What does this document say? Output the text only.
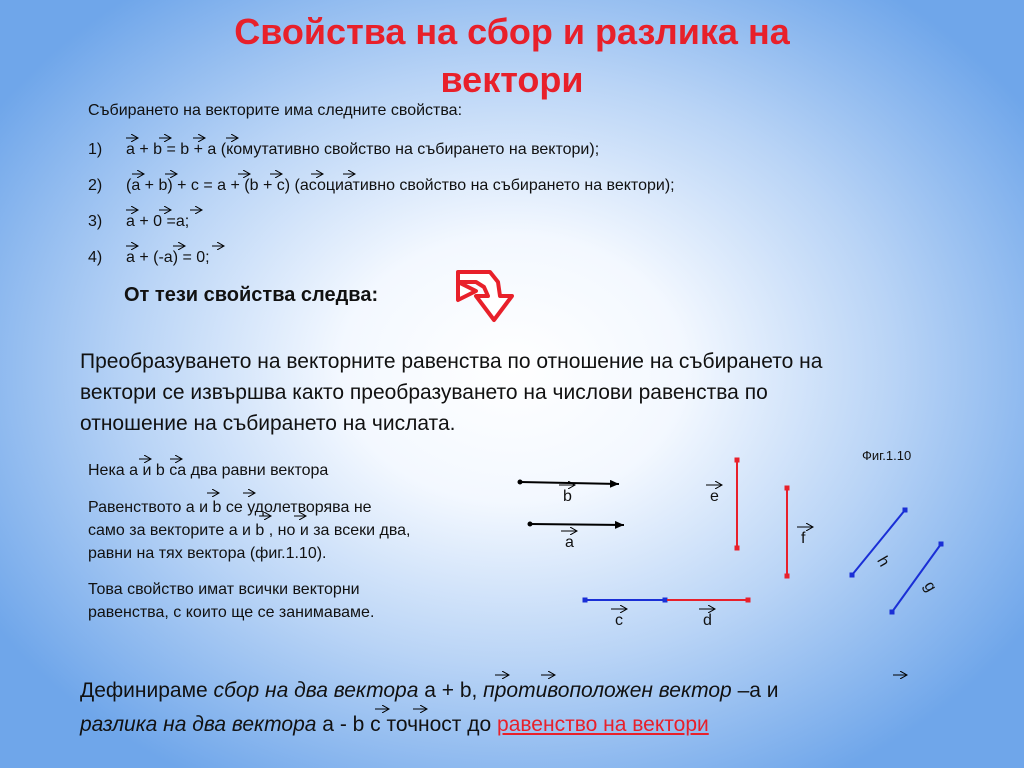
Свойства на сбор и разлика на
вектори
Събирането на векторите има следните свойства:
1) a + b = b + a (комутативно свойство на събирането на вектори);
2) (a + b) + c = a + (b + c) (асоциативно свойство на събирането на вектори);
3) a + 0 =a;
4) a + (-a) = 0;
От тези свойства следва:
Преобразуването на векторните равенства по отношение на събирането на
вектори се извършва както преобразуването на числови равенства по
отношение на събирането на числата.
Нека a и b са два равни вектора
Равенството a и b се удолетворява не
само за векторите a и b , но и за всеки два,
равни на тях вектора (фиг.1.10).
Това свойство имат всички векторни
равенства, с които ще се занимаваме.
Фиг.1.10
b
a
e
f
c	d
h
g
Дефинираме сбор на два вектора a + b, противоположен вектор –a и
разлика на два вектора a - b с точност до равенство на вектори
